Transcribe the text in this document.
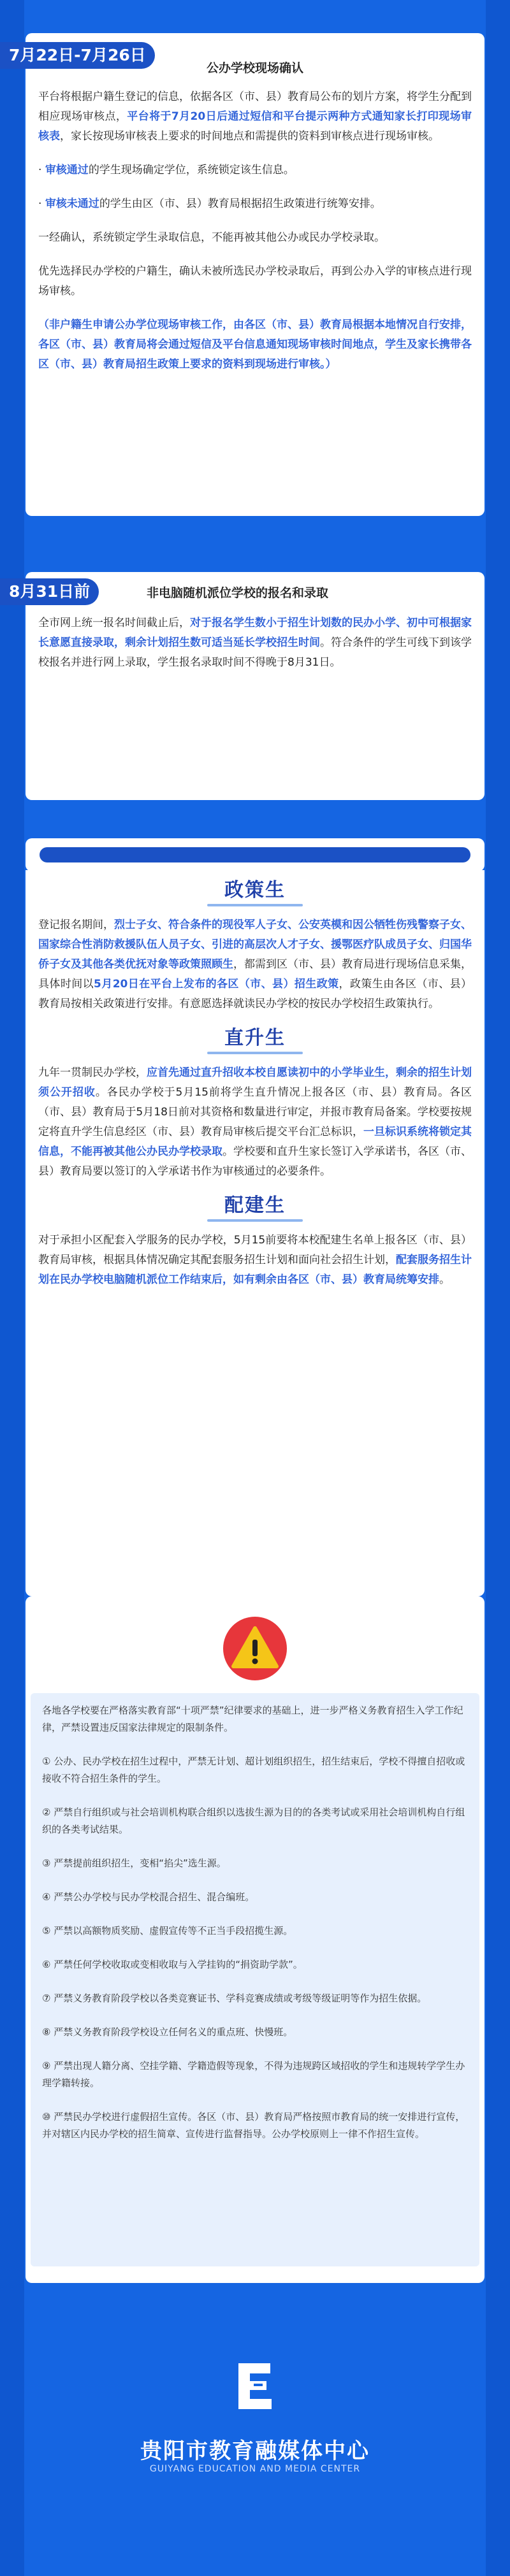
公办学校现场确认

平台将根据户籍生登记的信息，依据各区（市、县）教育局公布的划片方案，将学生分配到相应现场审核点，平台将于7月20日后通过短信和平台提示两种方式通知家长打印现场审核表，家长按现场审核表上要求的时间地点和需提供的资料到审核点进行现场审核。

· 审核通过的学生现场确定学位，系统锁定该生信息。

· 审核未通过的学生由区（市、县）教育局根据招生政策进行统筹安排。

一经确认，系统锁定学生录取信息，不能再被其他公办或民办学校录取。

优先选择民办学校的户籍生，确认未被所选民办学校录取后，再到公办入学的审核点进行现场审核。

（非户籍生申请公办学位现场审核工作，由各区（市、县）教育局根据本地情况自行安排，各区（市、县）教育局将会通过短信及平台信息通知现场审核时间地点，学生及家长携带各区（市、县）教育局招生政策上要求的资料到现场进行审核。）

7月22日-7月26日
非电脑随机派位学校的报名和录取

全市网上统一报名时间截止后，对于报名学生数小于招生计划数的民办小学、初中可根据家长意愿直接录取，剩余计划招生数可适当延长学校招生时间。符合条件的学生可线下到该学校报名并进行网上录取，学生报名录取时间不得晚于8月31日。

8月31日前
政策生

登记报名期间，烈士子女、符合条件的现役军人子女、公安英模和因公牺牲伤残警察子女、国家综合性消防救援队伍人员子女、引进的高层次人才子女、援鄂医疗队成员子女、归国华侨子女及其他各类优抚对象等政策照顾生，都需到区（市、县）教育局进行现场信息采集，具体时间以5月20日在平台上发布的各区（市、县）招生政策，政策生由各区（市、县）教育局按相关政策进行安排。有意愿选择就读民办学校的按民办学校招生政策执行。

直升生

九年一贯制民办学校，应首先通过直升招收本校自愿读初中的小学毕业生，剩余的招生计划须公开招收。各民办学校于5月15前将学生直升情况上报各区（市、县）教育局。各区（市、县）教育局于5月18日前对其资格和数量进行审定，并报市教育局备案。学校要按规定将直升学生信息经区（市、县）教育局审核后提交平台汇总标识，一旦标识系统将锁定其信息，不能再被其他公办民办学校录取。学校要和直升生家长签订入学承诺书，各区（市、县）教育局要以签订的入学承诺书作为审核通过的必要条件。

配建生

对于承担小区配套入学服务的民办学校，5月15前要将本校配建生名单上报各区（市、县）教育局审核，根据具体情况确定其配套服务招生计划和面向社会招生计划，配套服务招生计划在民办学校电脑随机派位工作结束后，如有剩余由各区（市、县）教育局统筹安排。

各地各学校要在严格落实教育部“十项严禁”纪律要求的基础上，进一步严格义务教育招生入学工作纪律，严禁设置违反国家法律规定的限制条件。

① 公办、民办学校在招生过程中，严禁无计划、超计划组织招生，招生结束后，学校不得擅自招收或接收不符合招生条件的学生。

② 严禁自行组织或与社会培训机构联合组织以选拔生源为目的的各类考试或采用社会培训机构自行组织的各类考试结果。

③ 严禁提前组织招生，变相“掐尖”选生源。

④ 严禁公办学校与民办学校混合招生、混合编班。

⑤ 严禁以高额物质奖励、虚假宣传等不正当手段招揽生源。

⑥ 严禁任何学校收取或变相收取与入学挂钩的“捐资助学款”。

⑦ 严禁义务教育阶段学校以各类竞赛证书、学科竞赛成绩或考级等级证明等作为招生依据。

⑧ 严禁义务教育阶段学校设立任何名义的重点班、快慢班。

⑨ 严禁出现人籍分离、空挂学籍、学籍造假等现象，不得为违规跨区域招收的学生和违规转学学生办理学籍转接。

⑩ 严禁民办学校进行虚假招生宣传。各区（市、县）教育局严格按照市教育局的统一安排进行宣传，并对辖区内民办学校的招生简章、宣传进行监督指导。公办学校原则上一律不作招生宣传。

贵阳市教育融媒体中心
GUIYANG EDUCATION AND MEDIA CENTER
